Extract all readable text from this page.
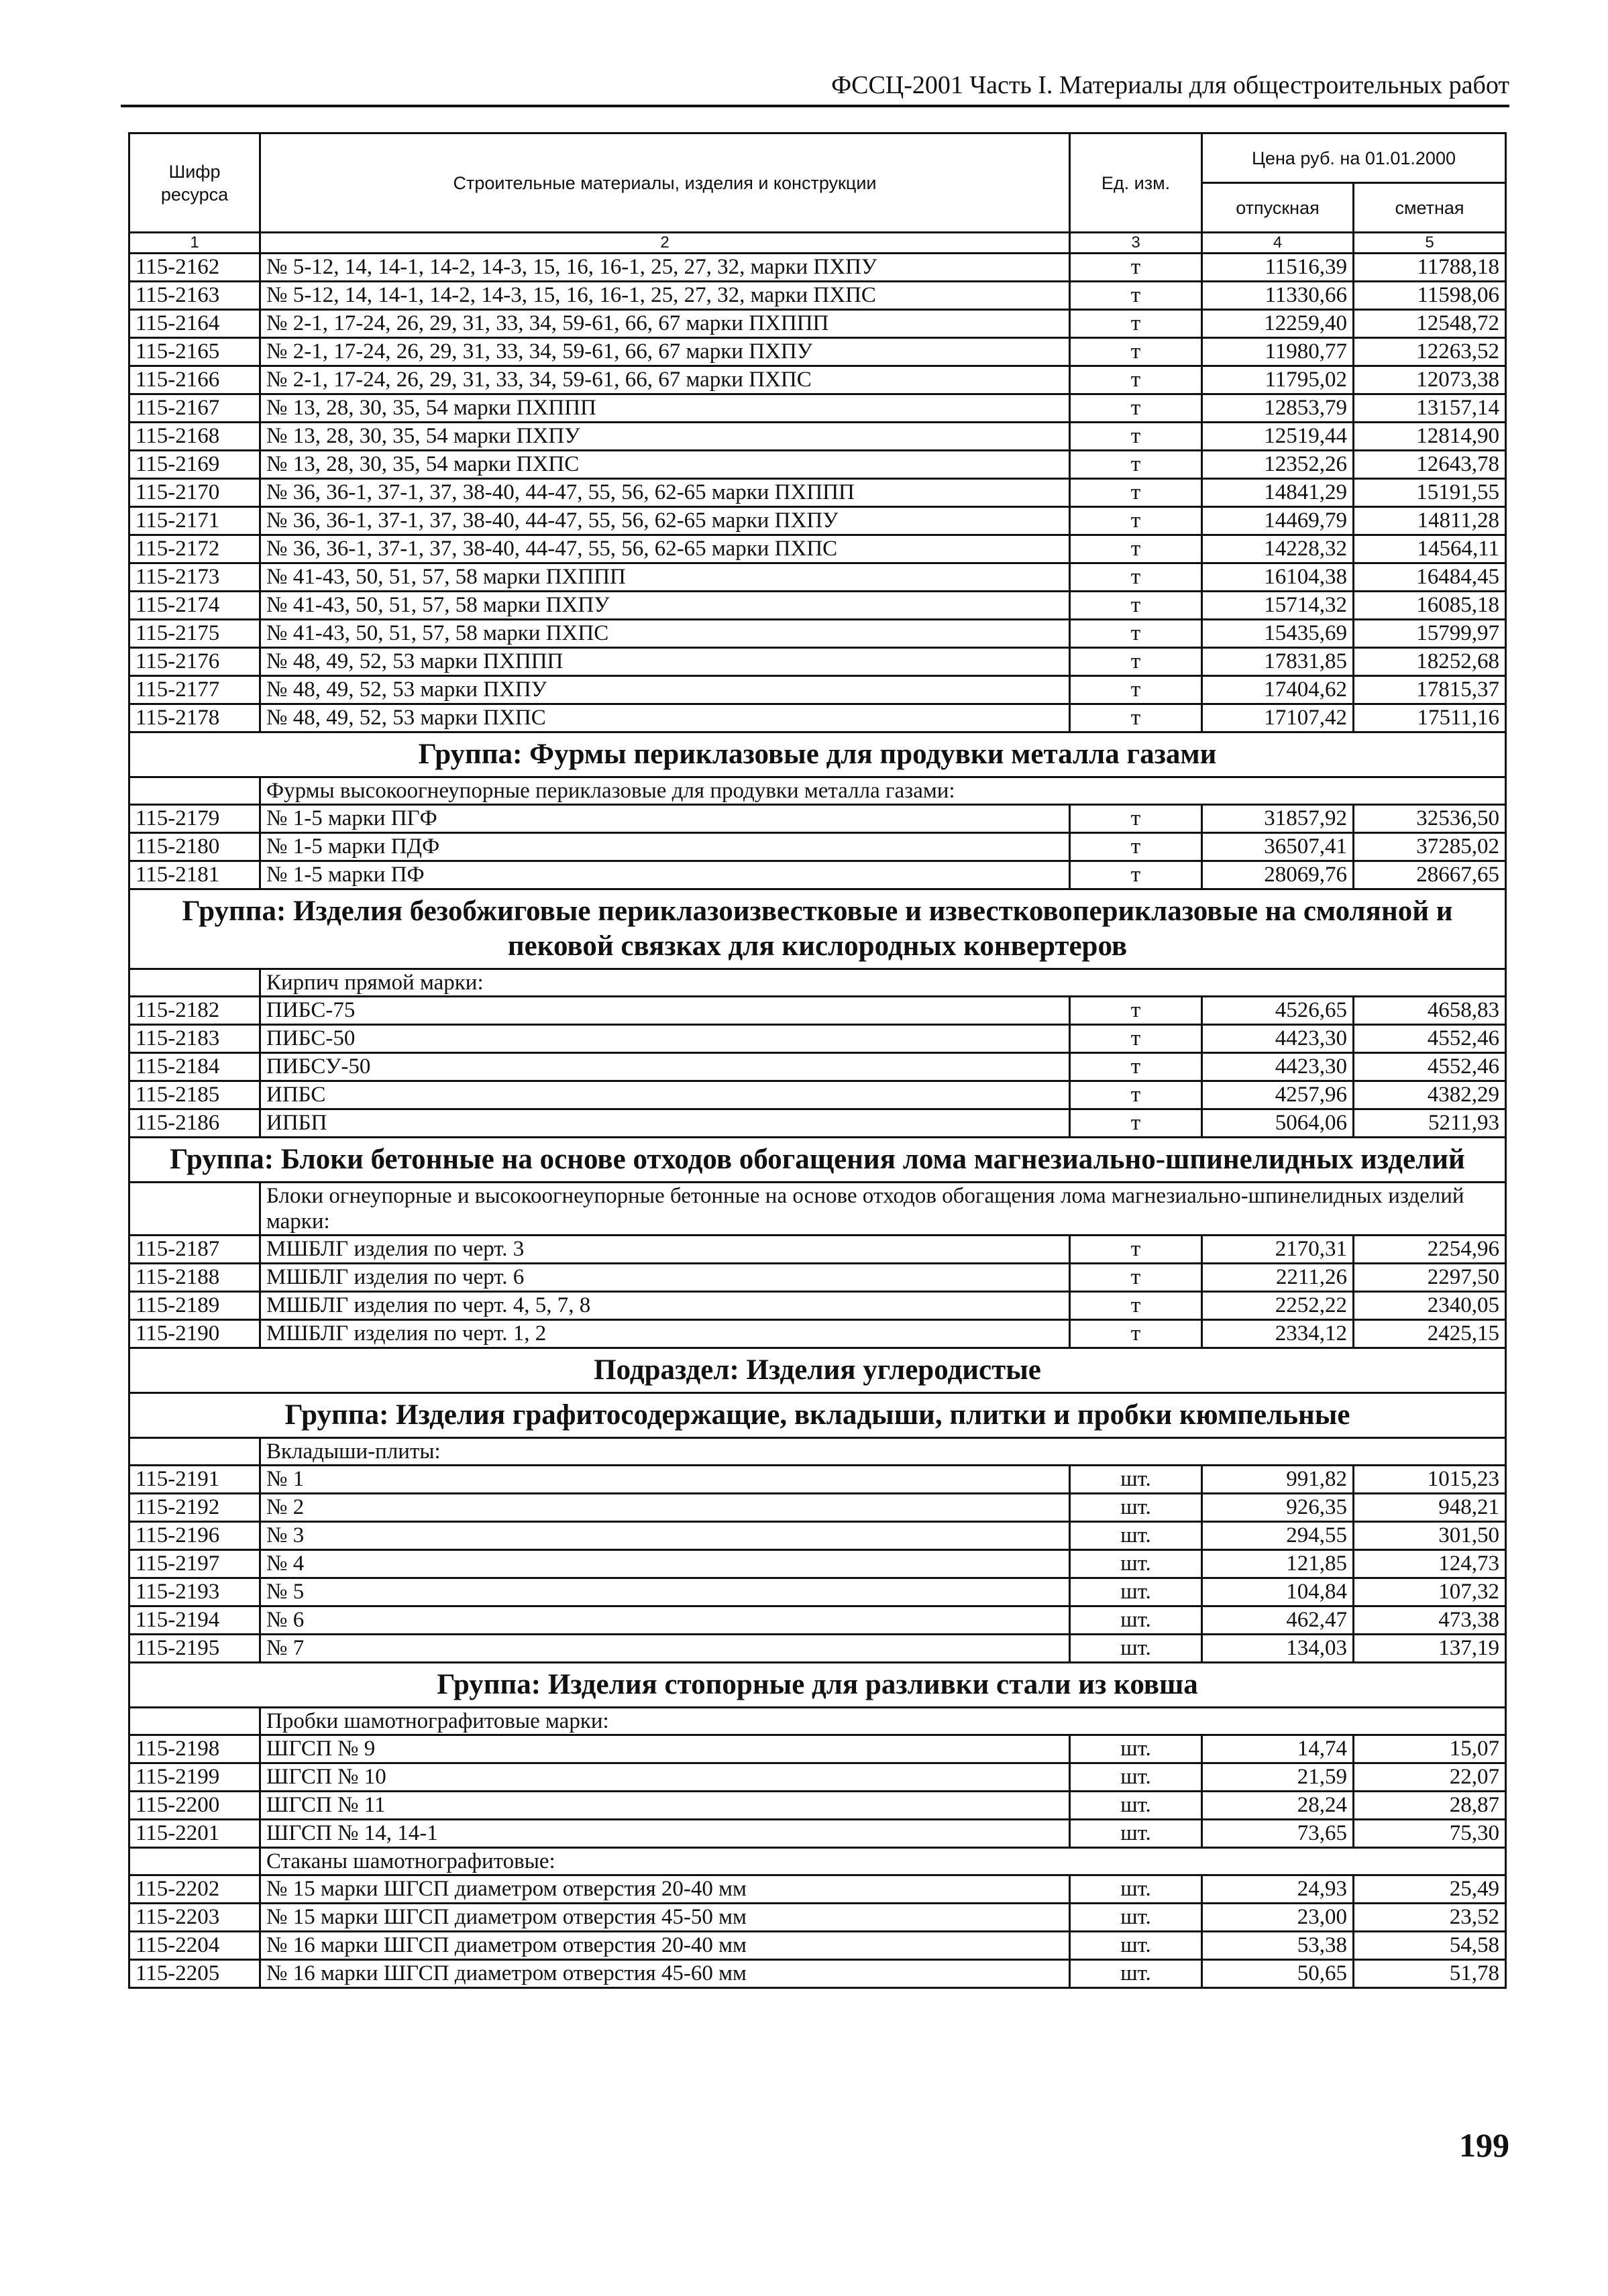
ФССЦ-2001 Часть I. Материалы для общестроительных работ
Шифр ресурса	Строительные материалы, изделия и конструкции	Ед. изм.	Цена руб. на 01.01.2000	
			отпускная	сметная
1	2	3	4	5
115-2162	№ 5-12, 14, 14-1, 14-2, 14-3, 15, 16, 16-1, 25, 27, 32, марки ПХПУ	т	11516,39	11788,18
115-2163	№ 5-12, 14, 14-1, 14-2, 14-3, 15, 16, 16-1, 25, 27, 32, марки ПХПС	т	11330,66	11598,06
115-2164	№ 2-1, 17-24, 26, 29, 31, 33, 34, 59-61, 66, 67 марки ПХППП	т	12259,40	12548,72
115-2165	№ 2-1, 17-24, 26, 29, 31, 33, 34, 59-61, 66, 67 марки ПХПУ	т	11980,77	12263,52
115-2166	№ 2-1, 17-24, 26, 29, 31, 33, 34, 59-61, 66, 67 марки ПХПС	т	11795,02	12073,38
115-2167	№ 13, 28, 30, 35, 54 марки ПХППП	т	12853,79	13157,14
115-2168	№ 13, 28, 30, 35, 54 марки ПХПУ	т	12519,44	12814,90
115-2169	№ 13, 28, 30, 35, 54 марки ПХПС	т	12352,26	12643,78
115-2170	№ 36, 36-1, 37-1, 37, 38-40, 44-47, 55, 56, 62-65 марки ПХППП	т	14841,29	15191,55
115-2171	№ 36, 36-1, 37-1, 37, 38-40, 44-47, 55, 56, 62-65 марки ПХПУ	т	14469,79	14811,28
115-2172	№ 36, 36-1, 37-1, 37, 38-40, 44-47, 55, 56, 62-65 марки ПХПС	т	14228,32	14564,11
115-2173	№ 41-43, 50, 51, 57, 58 марки ПХППП	т	16104,38	16484,45
115-2174	№ 41-43, 50, 51, 57, 58 марки ПХПУ	т	15714,32	16085,18
115-2175	№ 41-43, 50, 51, 57, 58 марки ПХПС	т	15435,69	15799,97
115-2176	№ 48, 49, 52, 53 марки ПХППП	т	17831,85	18252,68
115-2177	№ 48, 49, 52, 53 марки ПХПУ	т	17404,62	17815,37
115-2178	№ 48, 49, 52, 53 марки ПХПС	т	17107,42	17511,16
Группа: Фурмы периклазовые для продувки металла газами				
	Фурмы высокоогнеупорные периклазовые для продувки металла газами:			
115-2179	№ 1-5 марки ПГФ	т	31857,92	32536,50
115-2180	№ 1-5 марки ПДФ	т	36507,41	37285,02
115-2181	№ 1-5 марки ПФ	т	28069,76	28667,65
Группа: Изделия безобжиговые периклазоизвестковые и известковопериклазовые на смоляной и пековой связках для кислородных конвертеров				
	Кирпич прямой марки:			
115-2182	ПИБС-75	т	4526,65	4658,83
115-2183	ПИБС-50	т	4423,30	4552,46
115-2184	ПИБСУ-50	т	4423,30	4552,46
115-2185	ИПБС	т	4257,96	4382,29
115-2186	ИПБП	т	5064,06	5211,93
Группа: Блоки бетонные на основе отходов обогащения лома магнезиально-шпинелидных изделий				
	Блоки огнеупорные и высокоогнеупорные бетонные на основе отходов обогащения лома магнезиально-шпинелидных изделий марки:			
115-2187	МШБЛГ изделия по черт. 3	т	2170,31	2254,96
115-2188	МШБЛГ изделия по черт. 6	т	2211,26	2297,50
115-2189	МШБЛГ изделия по черт. 4, 5, 7, 8	т	2252,22	2340,05
115-2190	МШБЛГ изделия по черт. 1, 2	т	2334,12	2425,15
Подраздел: Изделия углеродистые				
Группа: Изделия графитосодержащие, вкладыши, плитки и пробки кюмпельные				
	Вкладыши-плиты:			
115-2191	№ 1	шт.	991,82	1015,23
115-2192	№ 2	шт.	926,35	948,21
115-2196	№ 3	шт.	294,55	301,50
115-2197	№ 4	шт.	121,85	124,73
115-2193	№ 5	шт.	104,84	107,32
115-2194	№ 6	шт.	462,47	473,38
115-2195	№ 7	шт.	134,03	137,19
Группа: Изделия стопорные для разливки стали из ковша				
	Пробки шамотнографитовые марки:			
115-2198	ШГСП № 9	шт.	14,74	15,07
115-2199	ШГСП № 10	шт.	21,59	22,07
115-2200	ШГСП № 11	шт.	28,24	28,87
115-2201	ШГСП № 14, 14-1	шт.	73,65	75,30
	Стаканы шамотнографитовые:			
115-2202	№ 15 марки ШГСП диаметром отверстия 20-40 мм	шт.	24,93	25,49
115-2203	№ 15 марки ШГСП диаметром отверстия 45-50 мм	шт.	23,00	23,52
115-2204	№ 16 марки ШГСП диаметром отверстия 20-40 мм	шт.	53,38	54,58
115-2205	№ 16 марки ШГСП диаметром отверстия 45-60 мм	шт.	50,65	51,78
199
